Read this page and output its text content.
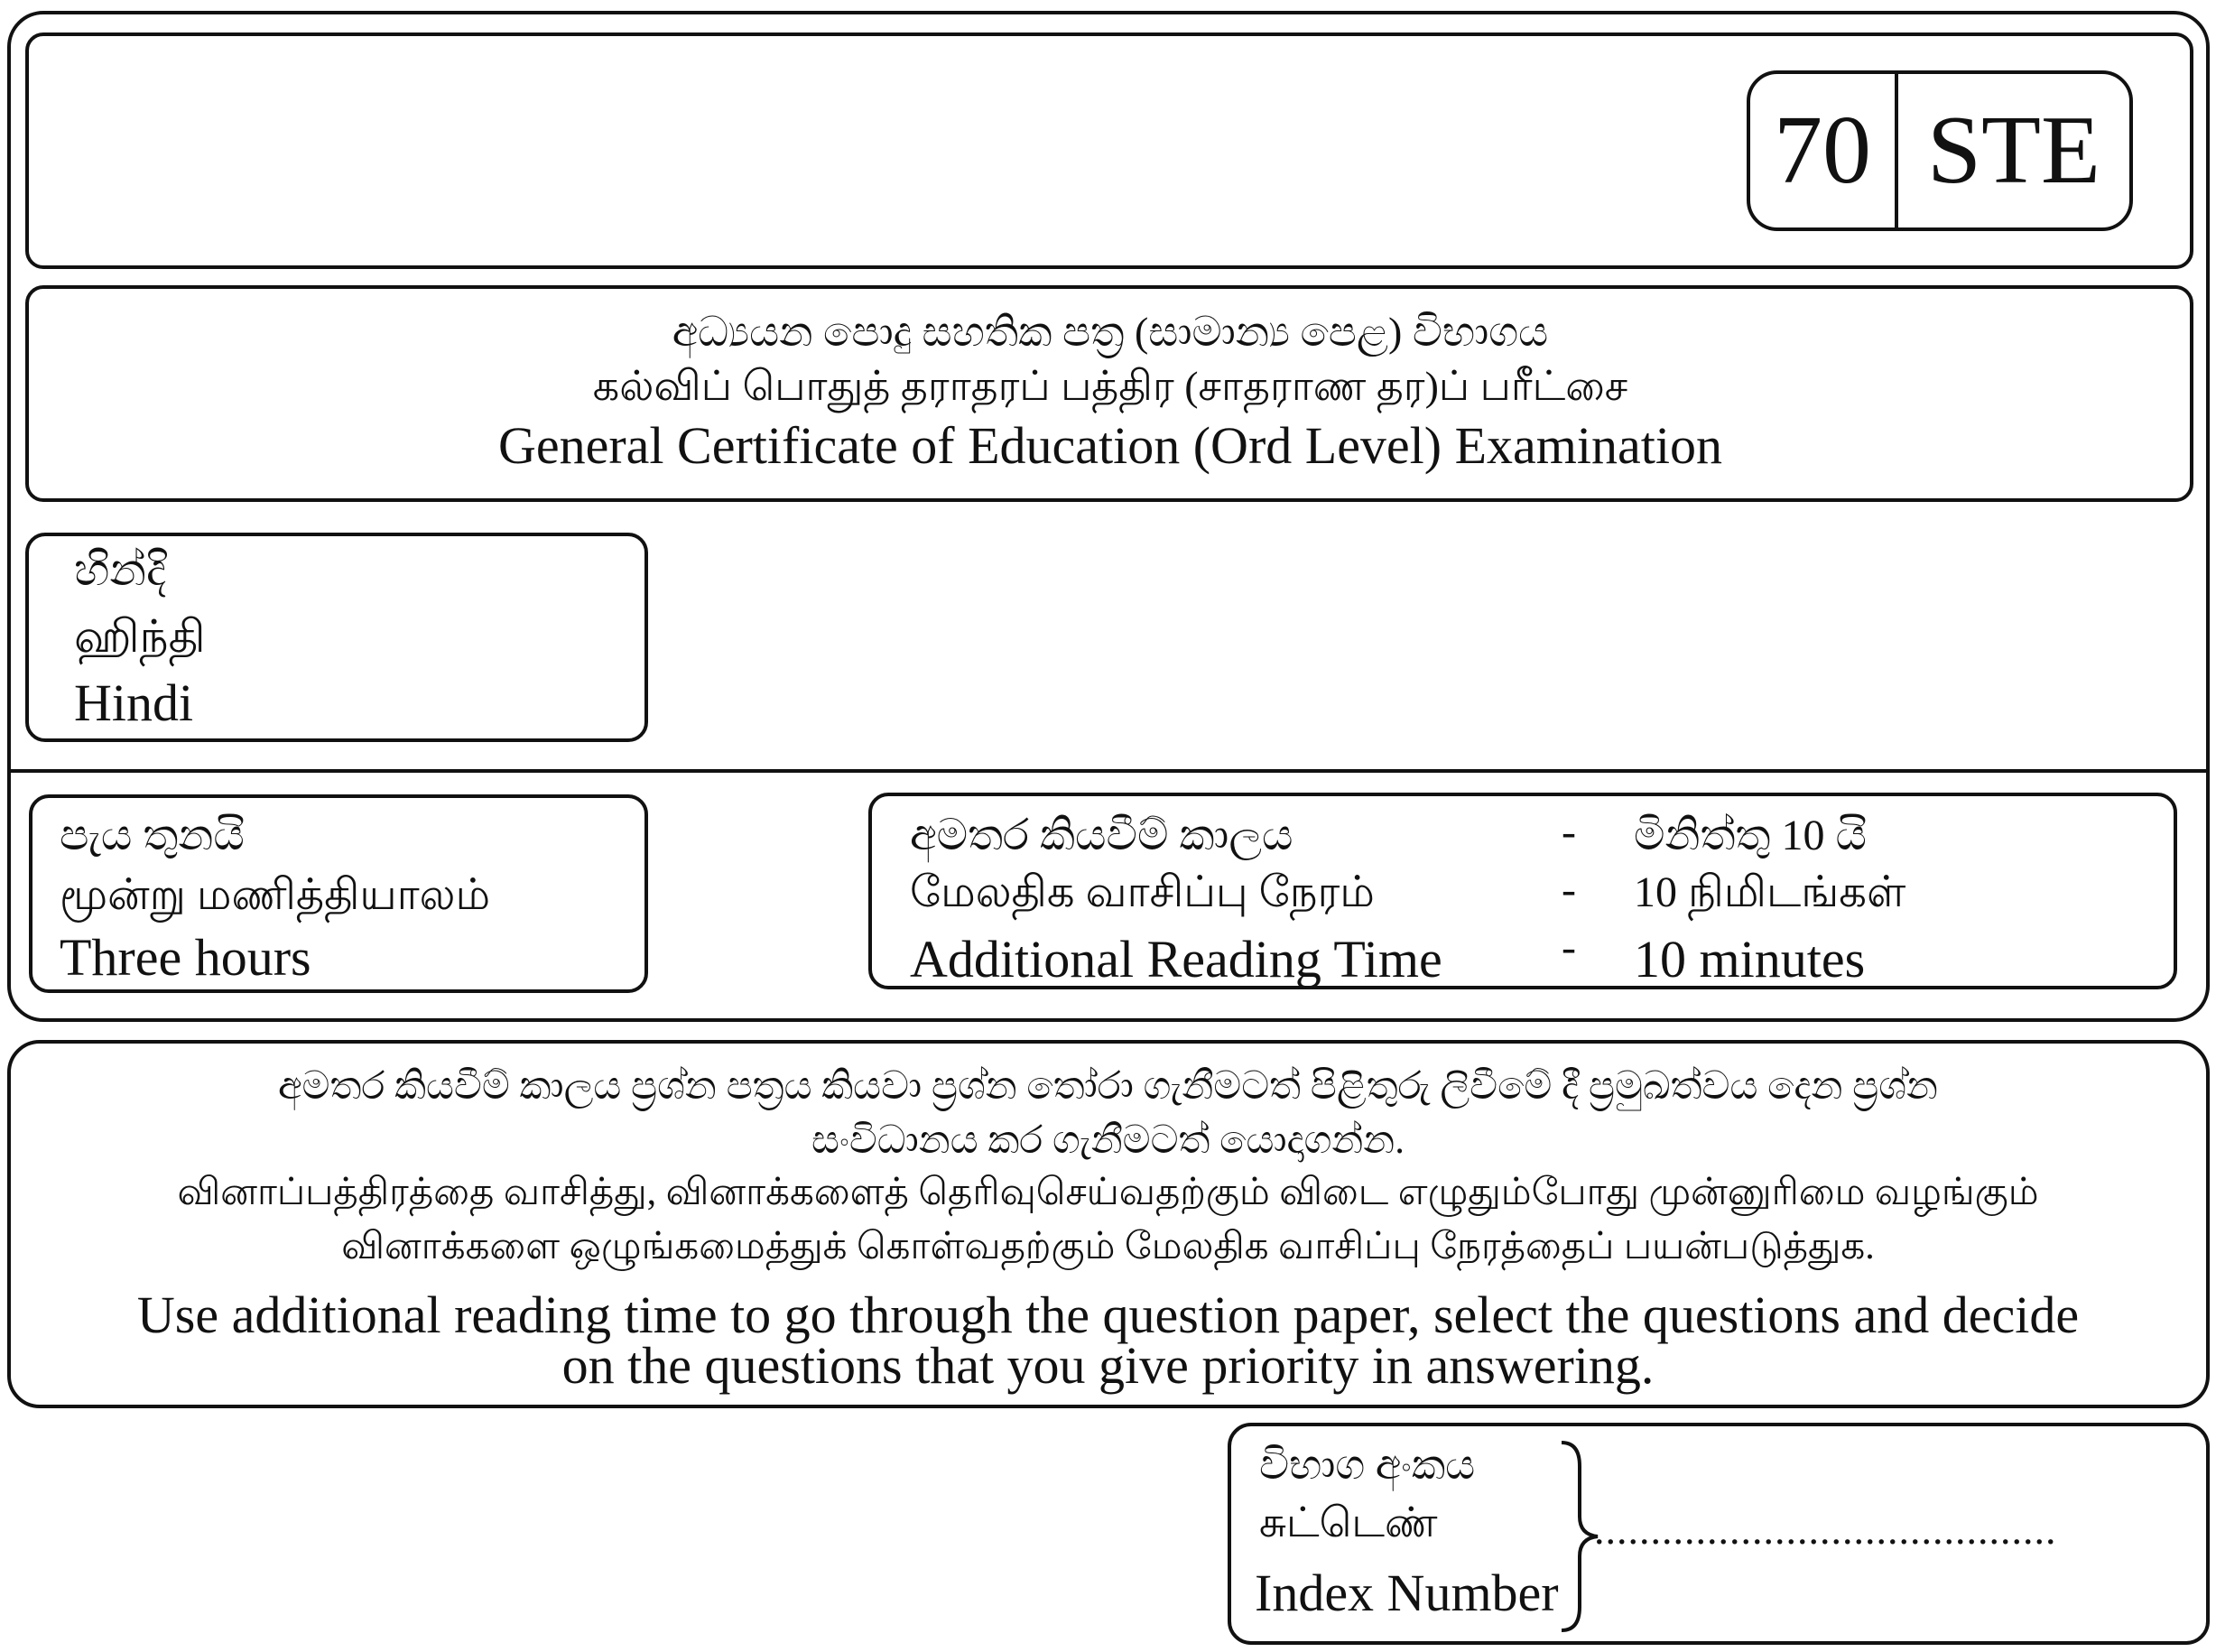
70 STE
අධ්‍යයන පොදු සහතික පත්‍ර (සාමාන්‍ය පෙළ) විභාගය
கல்விப் பொதுத் தராதரப் பத்திர (சாதராண தர)ப் பரீட்சை
General Certificate of Education (Ord Level) Examination
හින්දි
ஹிந்தி
Hindi
පැය තුනයි
மூன்று மணித்தியாலம்
Three hours
අමතර කියවීම් කාලය	- මිනිත්තු 10 යි
மேலதிக வாசிப்பு நேரம்	- 10 நிமிடங்கள்
Additional Reading Time	- 10 minutes
අමතර කියවීම් කාලය ප්‍රශ්න පත්‍රය කියවා ප්‍රශ්න තෝරා ගැනීමටත් පිළිතුරු ලිවීමේ දී ප්‍රමුඛත්වය දෙන ප්‍රශ්න
සංවිධානය කර ගැනීමටත් යොදාගන්න.
வினாப்பத்திரத்தை வாசித்து, வினாக்களைத் தெரிவுசெய்வதற்கும் விடை எழுதும்போது முன்னுரிமை வழங்கும்
வினாக்களை ஒழுங்கமைத்துக் கொள்வதற்கும் மேலதிக வாசிப்பு நேரத்தைப் பயன்படுத்துக.
Use additional reading time to go through the question paper, select the questions and decide
on the questions that you give priority in answering.
විභාග අංකය
சுட்டெண்
Index Number
.........................................
